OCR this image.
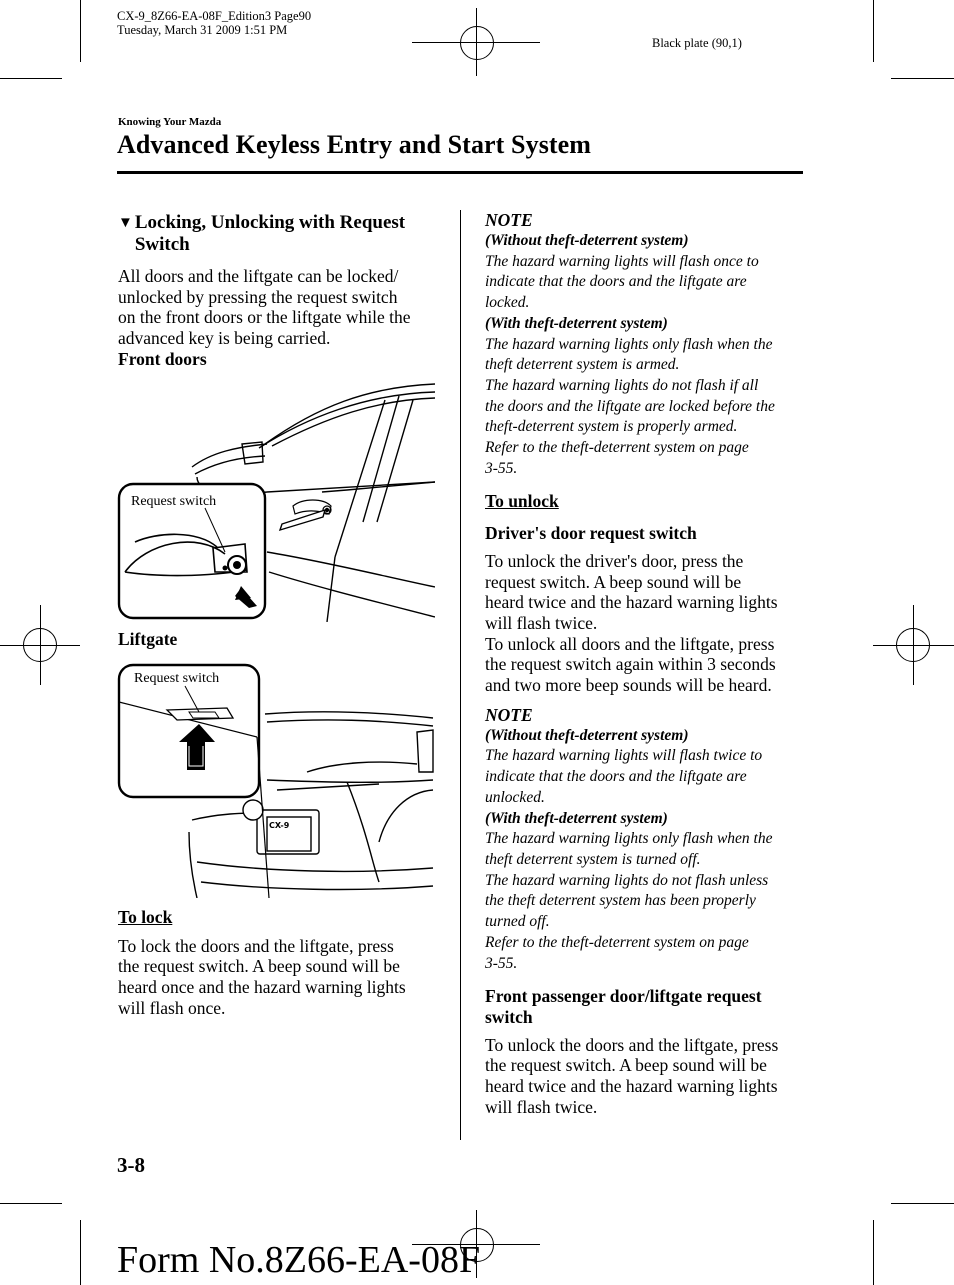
CX-9_8Z66-EA-08F_Edition3 Page90
Tuesday, March 31 2009 1:51 PM
Black plate (90,1)
Knowing Your Mazda
Advanced Keyless Entry and Start System
▼ Locking, Unlocking with Request Switch
All doors and the liftgate can be locked/
unlocked by pressing the request switch
on the front doors or the liftgate while the
advanced key is being carried.
Front doors
Request switch
Liftgate
CX-9
Request switch
To lock
To lock the doors and the liftgate, press
the request switch. A beep sound will be
heard once and the hazard warning lights
will flash once.
NOTE
(Without theft-deterrent system)
The hazard warning lights will flash once to
indicate that the doors and the liftgate are
locked.
(With theft-deterrent system)
The hazard warning lights only flash when the
theft deterrent system is armed.
The hazard warning lights do not flash if all
the doors and the liftgate are locked before the
theft-deterrent system is properly armed.
Refer to the theft-deterrent system on page
3-55.
To unlock
Driver's door request switch
To unlock the driver's door, press the
request switch. A beep sound will be
heard twice and the hazard warning lights
will flash twice.
To unlock all doors and the liftgate, press
the request switch again within 3 seconds
and two more beep sounds will be heard.
NOTE
(Without theft-deterrent system)
The hazard warning lights will flash twice to
indicate that the doors and the liftgate are
unlocked.
(With theft-deterrent system)
The hazard warning lights only flash when the
theft deterrent system is turned off.
The hazard warning lights do not flash unless
the theft deterrent system has been properly
turned off.
Refer to the theft-deterrent system on page
3-55.
Front passenger door/liftgate request
switch
To unlock the doors and the liftgate, press
the request switch. A beep sound will be
heard twice and the hazard warning lights
will flash twice.
3-8
Form No.8Z66-EA-08F
